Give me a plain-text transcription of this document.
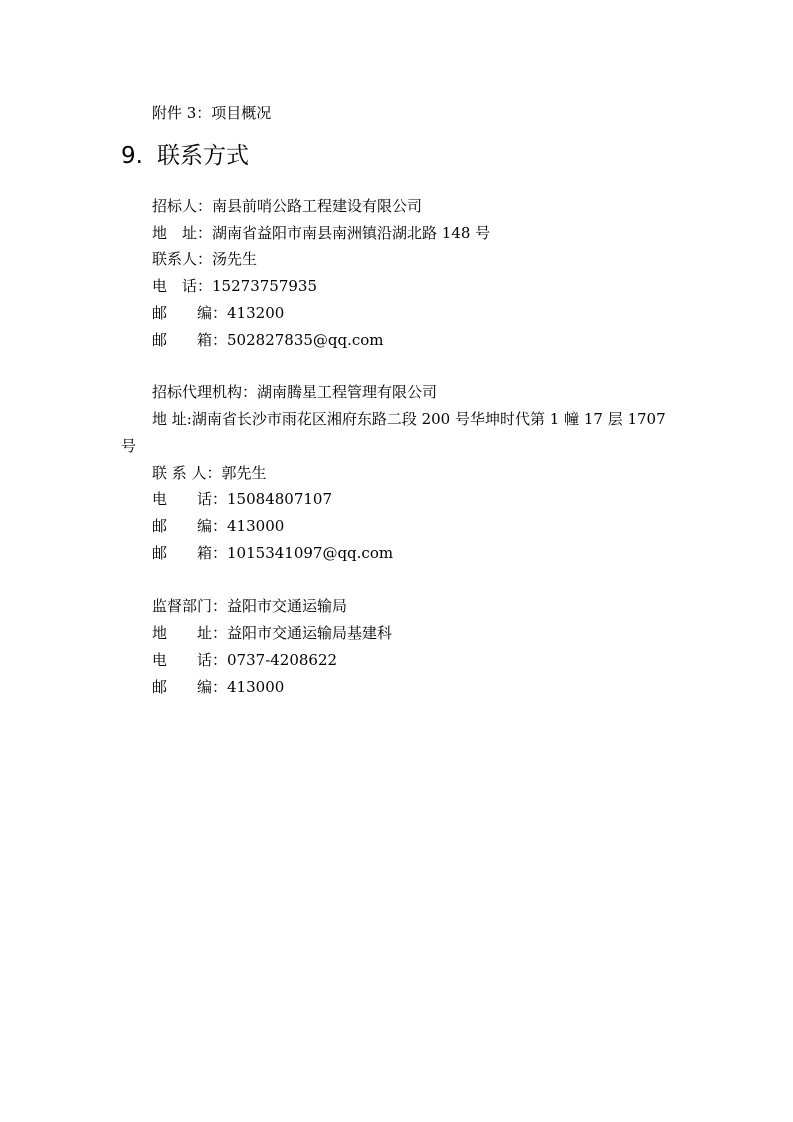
附件 3：项目概况
9. 联系方式
招标人：南县前哨公路工程建设有限公司
地　址：湖南省益阳市南县南洲镇沿湖北路 148 号
联系人：汤先生
电　话：15273757935
邮　　编：413200
邮　　箱：502827835@qq.com
招标代理机构：湖南腾星工程管理有限公司
地 址:湖南省长沙市雨花区湘府东路二段 200 号华坤时代第 1 幢 17 层 1707
号
联 系 人：郭先生
电　　话：15084807107
邮　　编：413000
邮　　箱：1015341097@qq.com
监督部门：益阳市交通运输局
地　　址：益阳市交通运输局基建科
电　　话：0737-4208622
邮　　编：413000
